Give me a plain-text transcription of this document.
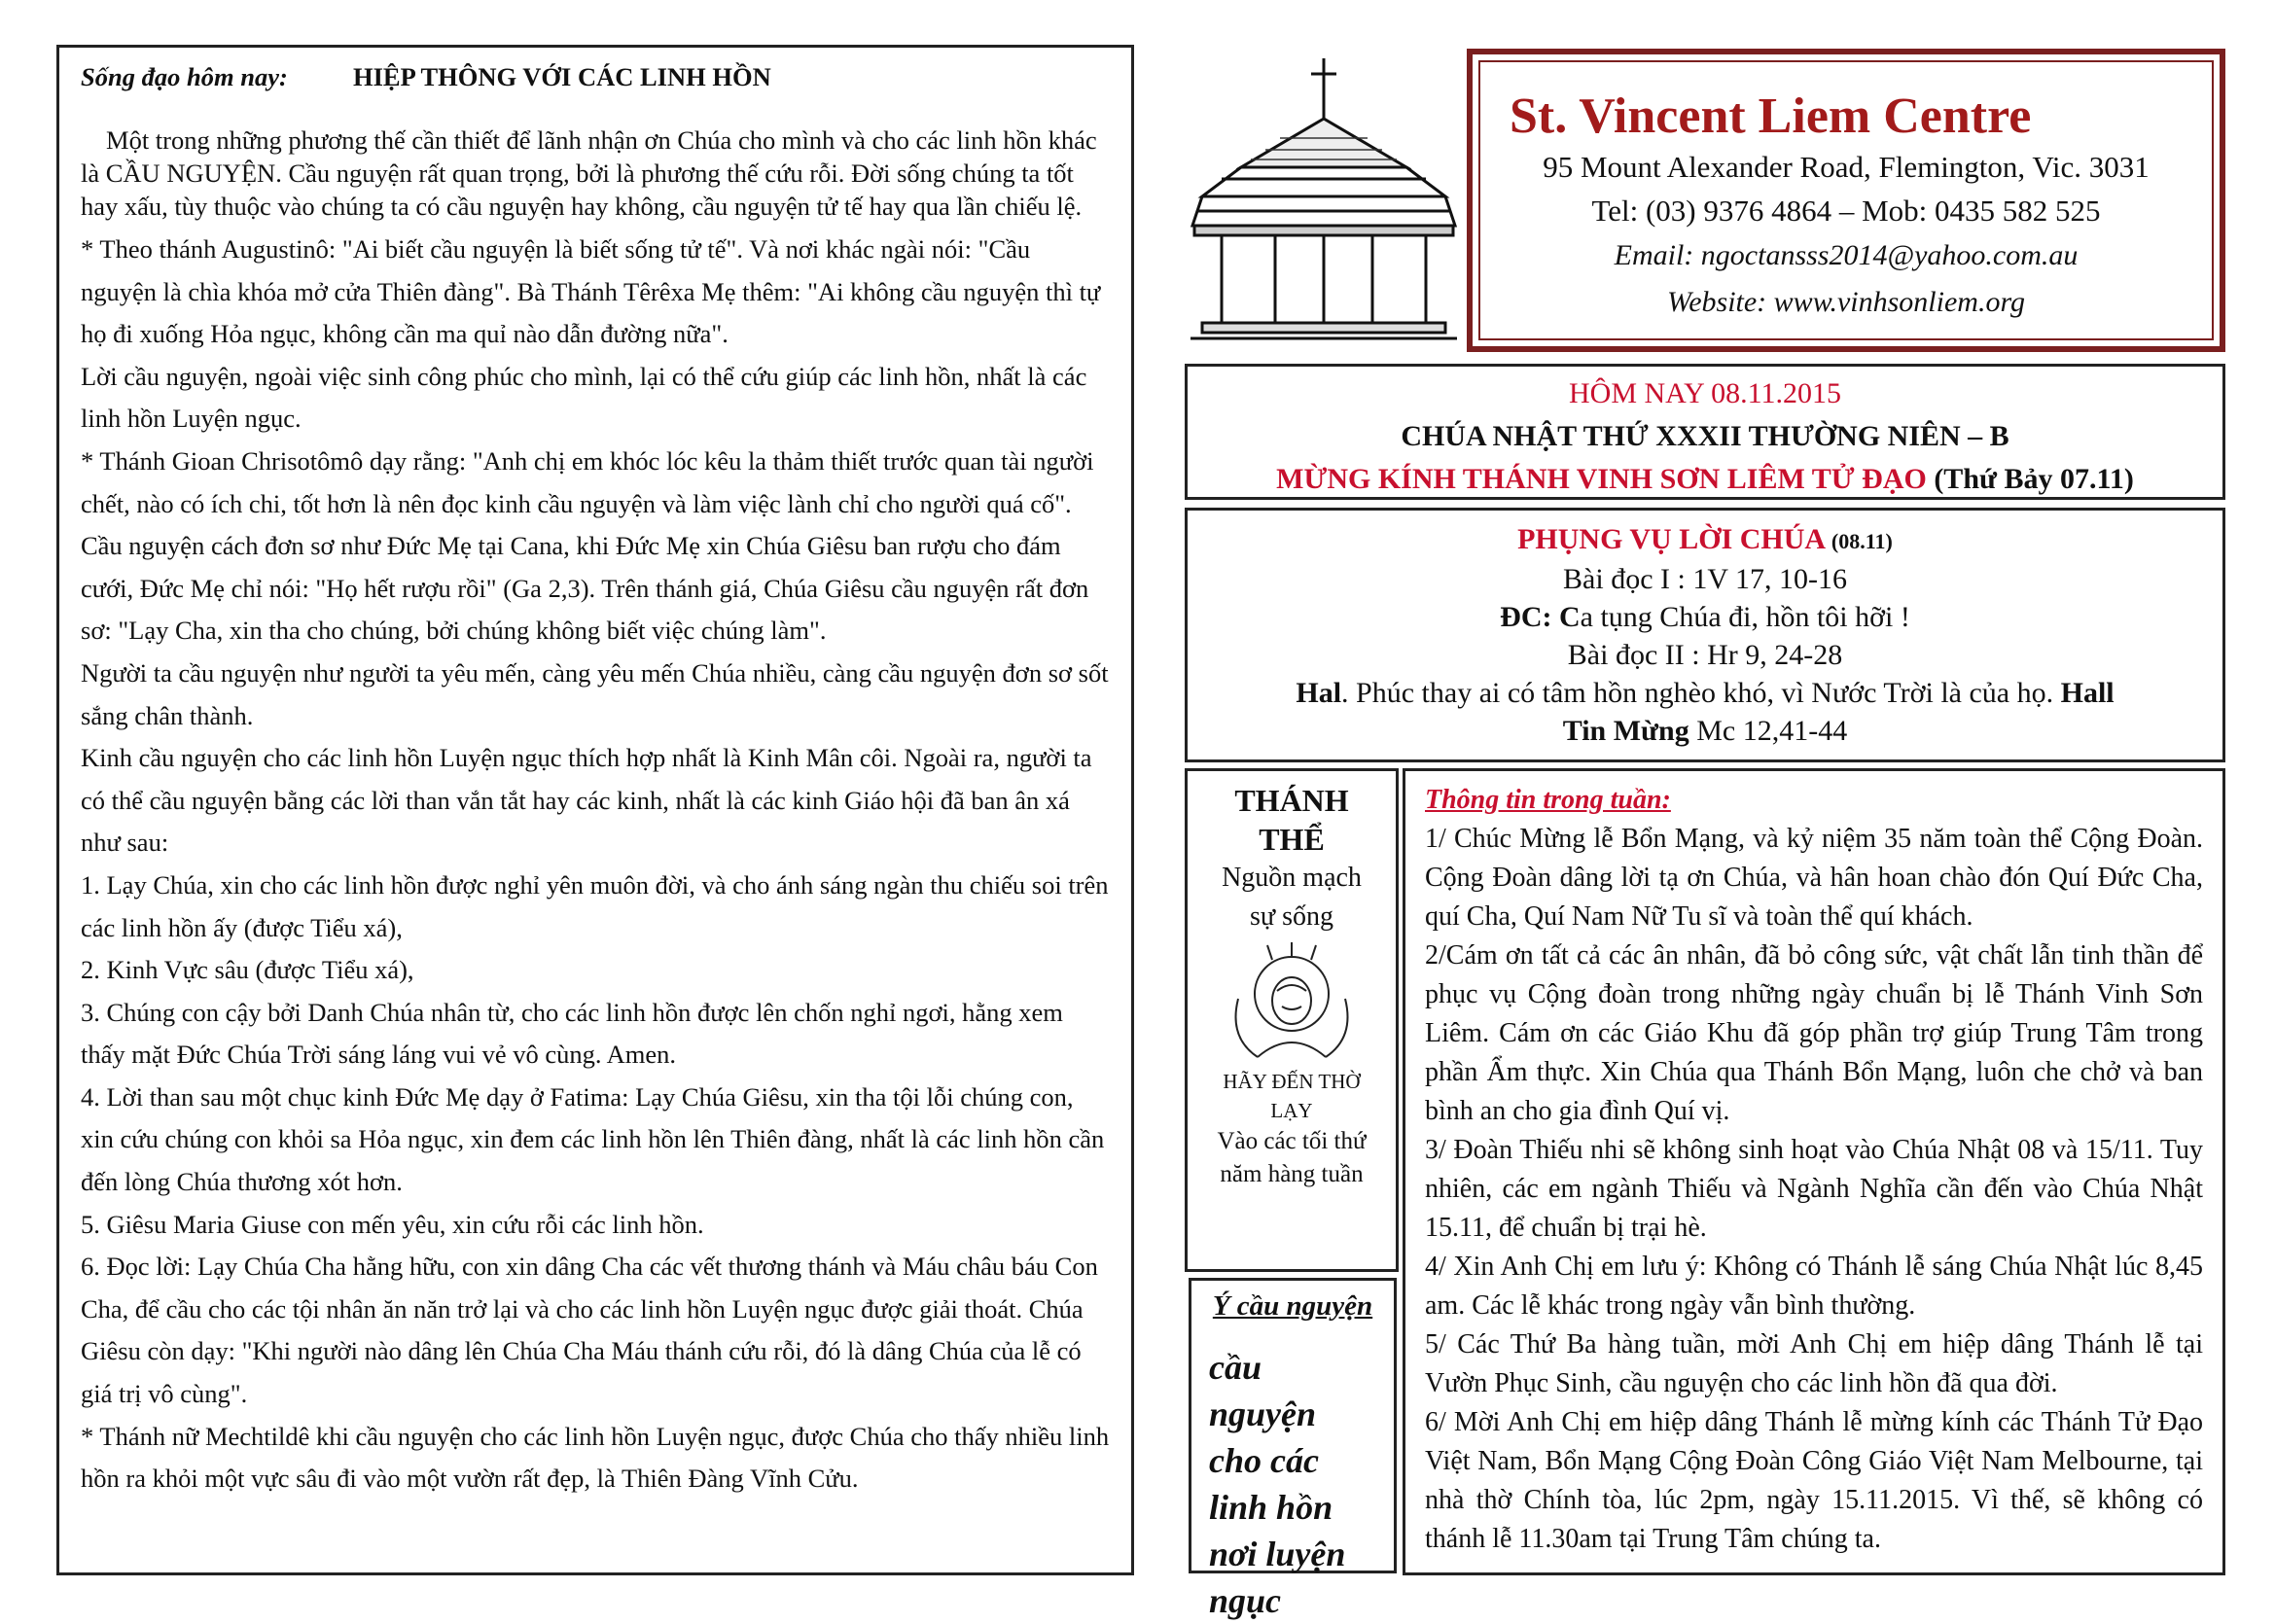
Sống đạo hôm nay:	HIỆP THÔNG VỚI CÁC LINH HỒN

Một trong những phương thế cần thiết để lãnh nhận ơn Chúa cho mình và cho các linh hồn khác là CẦU NGUYỆN. Cầu nguyện rất quan trọng, bởi là phương thế cứu rỗi. Đời sống chúng ta tốt hay xấu, tùy thuộc vào chúng ta có cầu nguyện hay không, cầu nguyện tử tế hay qua lần chiếu lệ.

* Theo thánh Augustinô: "Ai biết cầu nguyện là biết sống tử tế". Và nơi khác ngài nói: "Cầu nguyện là chìa khóa mở cửa Thiên đàng". Bà Thánh Têrêxa Mẹ thêm: "Ai không cầu nguyện thì tự họ đi xuống Hỏa ngục, không cần ma quỉ nào dẫn đường nữa".

Lời cầu nguyện, ngoài việc sinh công phúc cho mình, lại có thể cứu giúp các linh hồn, nhất là các linh hồn Luyện ngục.

* Thánh Gioan Chrisotômô dạy rằng: "Anh chị em khóc lóc kêu la thảm thiết trước quan tài người chết, nào có ích chi, tốt hơn là nên đọc kinh cầu nguyện và làm việc lành chỉ cho người quá cố". Cầu nguyện cách đơn sơ như Đức Mẹ tại Cana, khi Đức Mẹ xin Chúa Giêsu ban rượu cho đám cưới, Đức Mẹ chỉ nói: "Họ hết rượu rồi" (Ga 2,3). Trên thánh giá, Chúa Giêsu cầu nguyện rất đơn sơ: "Lạy Cha, xin tha cho chúng, bởi chúng không biết việc chúng làm".

Người ta cầu nguyện như người ta yêu mến, càng yêu mến Chúa nhiều, càng cầu nguyện đơn sơ sốt sắng chân thành.

Kinh cầu nguyện cho các linh hồn Luyện ngục thích hợp nhất là Kinh Mân côi. Ngoài ra, người ta có thể cầu nguyện bằng các lời than vắn tắt hay các kinh, nhất là các kinh Giáo hội đã ban ân xá như sau:

1. Lạy Chúa, xin cho các linh hồn được nghỉ yên muôn đời, và cho ánh sáng ngàn thu chiếu soi trên các linh hồn ấy (được Tiểu xá),

2. Kinh Vực sâu (được Tiểu xá),

3. Chúng con cậy bởi Danh Chúa nhân từ, cho các linh hồn được lên chốn nghỉ ngơi, hằng xem thấy mặt Đức Chúa Trời sáng láng vui vẻ vô cùng. Amen.

4. Lời than sau một chục kinh Đức Mẹ dạy ở Fatima: Lạy Chúa Giêsu, xin tha tội lỗi chúng con, xin cứu chúng con khỏi sa Hỏa ngục, xin đem các linh hồn lên Thiên đàng, nhất là các linh hồn cần đến lòng Chúa thương xót hơn.

5. Giêsu Maria Giuse con mến yêu, xin cứu rỗi các linh hồn.

6. Đọc lời: Lạy Chúa Cha hằng hữu, con xin dâng Cha các vết thương thánh và Máu châu báu Con Cha, để cầu cho các tội nhân ăn năn trở lại và cho các linh hồn Luyện ngục được giải thoát. Chúa Giêsu còn dạy: "Khi người nào dâng lên Chúa Cha Máu thánh cứu rỗi, đó là dâng Chúa của lễ có giá trị vô cùng".

* Thánh nữ Mechtildê khi cầu nguyện cho các linh hồn Luyện ngục, được Chúa cho thấy nhiều linh hồn ra khỏi một vực sâu đi vào một vườn rất đẹp, là Thiên Đàng Vĩnh Cửu.

St. Vincent Liem Centre
95 Mount Alexander Road, Flemington, Vic. 3031
Tel: (03) 9376 4864 – Mob: 0435 582 525
Email: ngoctansss2014@yahoo.com.au
Website: www.vinhsonliem.org
HÔM NAY 08.11.2015
CHÚA NHẬT THỨ XXXII THƯỜNG NIÊN – B
MỪNG KÍNH THÁNH VINH SƠN LIÊM TỬ ĐẠO (Thứ Bảy 07.11)
PHỤNG VỤ LỜI CHÚA (08.11)
Bài đọc I : 1V 17, 10-16
ĐC: Ca tụng Chúa đi, hồn tôi hỡi !
Bài đọc II : Hr 9, 24-28
Hal. Phúc thay ai có tâm hồn nghèo khó, vì Nước Trời là của họ. Hall
Tin Mừng Mc 12,41-44
THÁNH
THỂ
Nguồn mạch
sự sống
HÃY ĐẾN THỜ
LẠY
Vào các tối thứ
năm hàng tuần
Ý cầu nguyện
cầu nguyện cho các linh hồn nơi luyện ngục

Thông tin trong tuần:

1/ Chúc Mừng lễ Bổn Mạng, và kỷ niệm 35 năm toàn thể Cộng Đoàn. Cộng Đoàn dâng lời tạ ơn Chúa, và hân hoan chào đón Quí Đức Cha, quí Cha, Quí Nam Nữ Tu sĩ và toàn thể quí khách.

2/Cám ơn tất cả các ân nhân, đã bỏ công sức, vật chất lẫn tinh thần để phục vụ Cộng đoàn trong những ngày chuẩn bị lễ Thánh Vinh Sơn Liêm. Cám ơn các Giáo Khu đã góp phần trợ giúp Trung Tâm trong phần Ẩm thực. Xin Chúa qua Thánh Bổn Mạng, luôn che chở và ban bình an cho gia đình Quí vị.

3/ Đoàn Thiếu nhi sẽ không sinh hoạt vào Chúa Nhật 08 và 15/11. Tuy nhiên, các em ngành Thiếu và Ngành Nghĩa cần đến vào Chúa Nhật 15.11, để chuẩn bị trại hè.

4/ Xin Anh Chị em lưu ý: Không có Thánh lễ sáng Chúa Nhật lúc 8,45 am. Các lễ khác trong ngày vẫn bình thường.

5/ Các Thứ Ba hàng tuần, mời Anh Chị em hiệp dâng Thánh lễ tại Vườn Phục Sinh, cầu nguyện cho các linh hồn đã qua đời.

6/ Mời Anh Chị em hiệp dâng Thánh lễ mừng kính các Thánh Tử Đạo Việt Nam, Bổn Mạng Cộng Đoàn Công Giáo Việt Nam Melbourne, tại nhà thờ Chính tòa, lúc 2pm, ngày 15.11.2015. Vì thế, sẽ không có thánh lễ 11.30am tại Trung Tâm chúng ta.
